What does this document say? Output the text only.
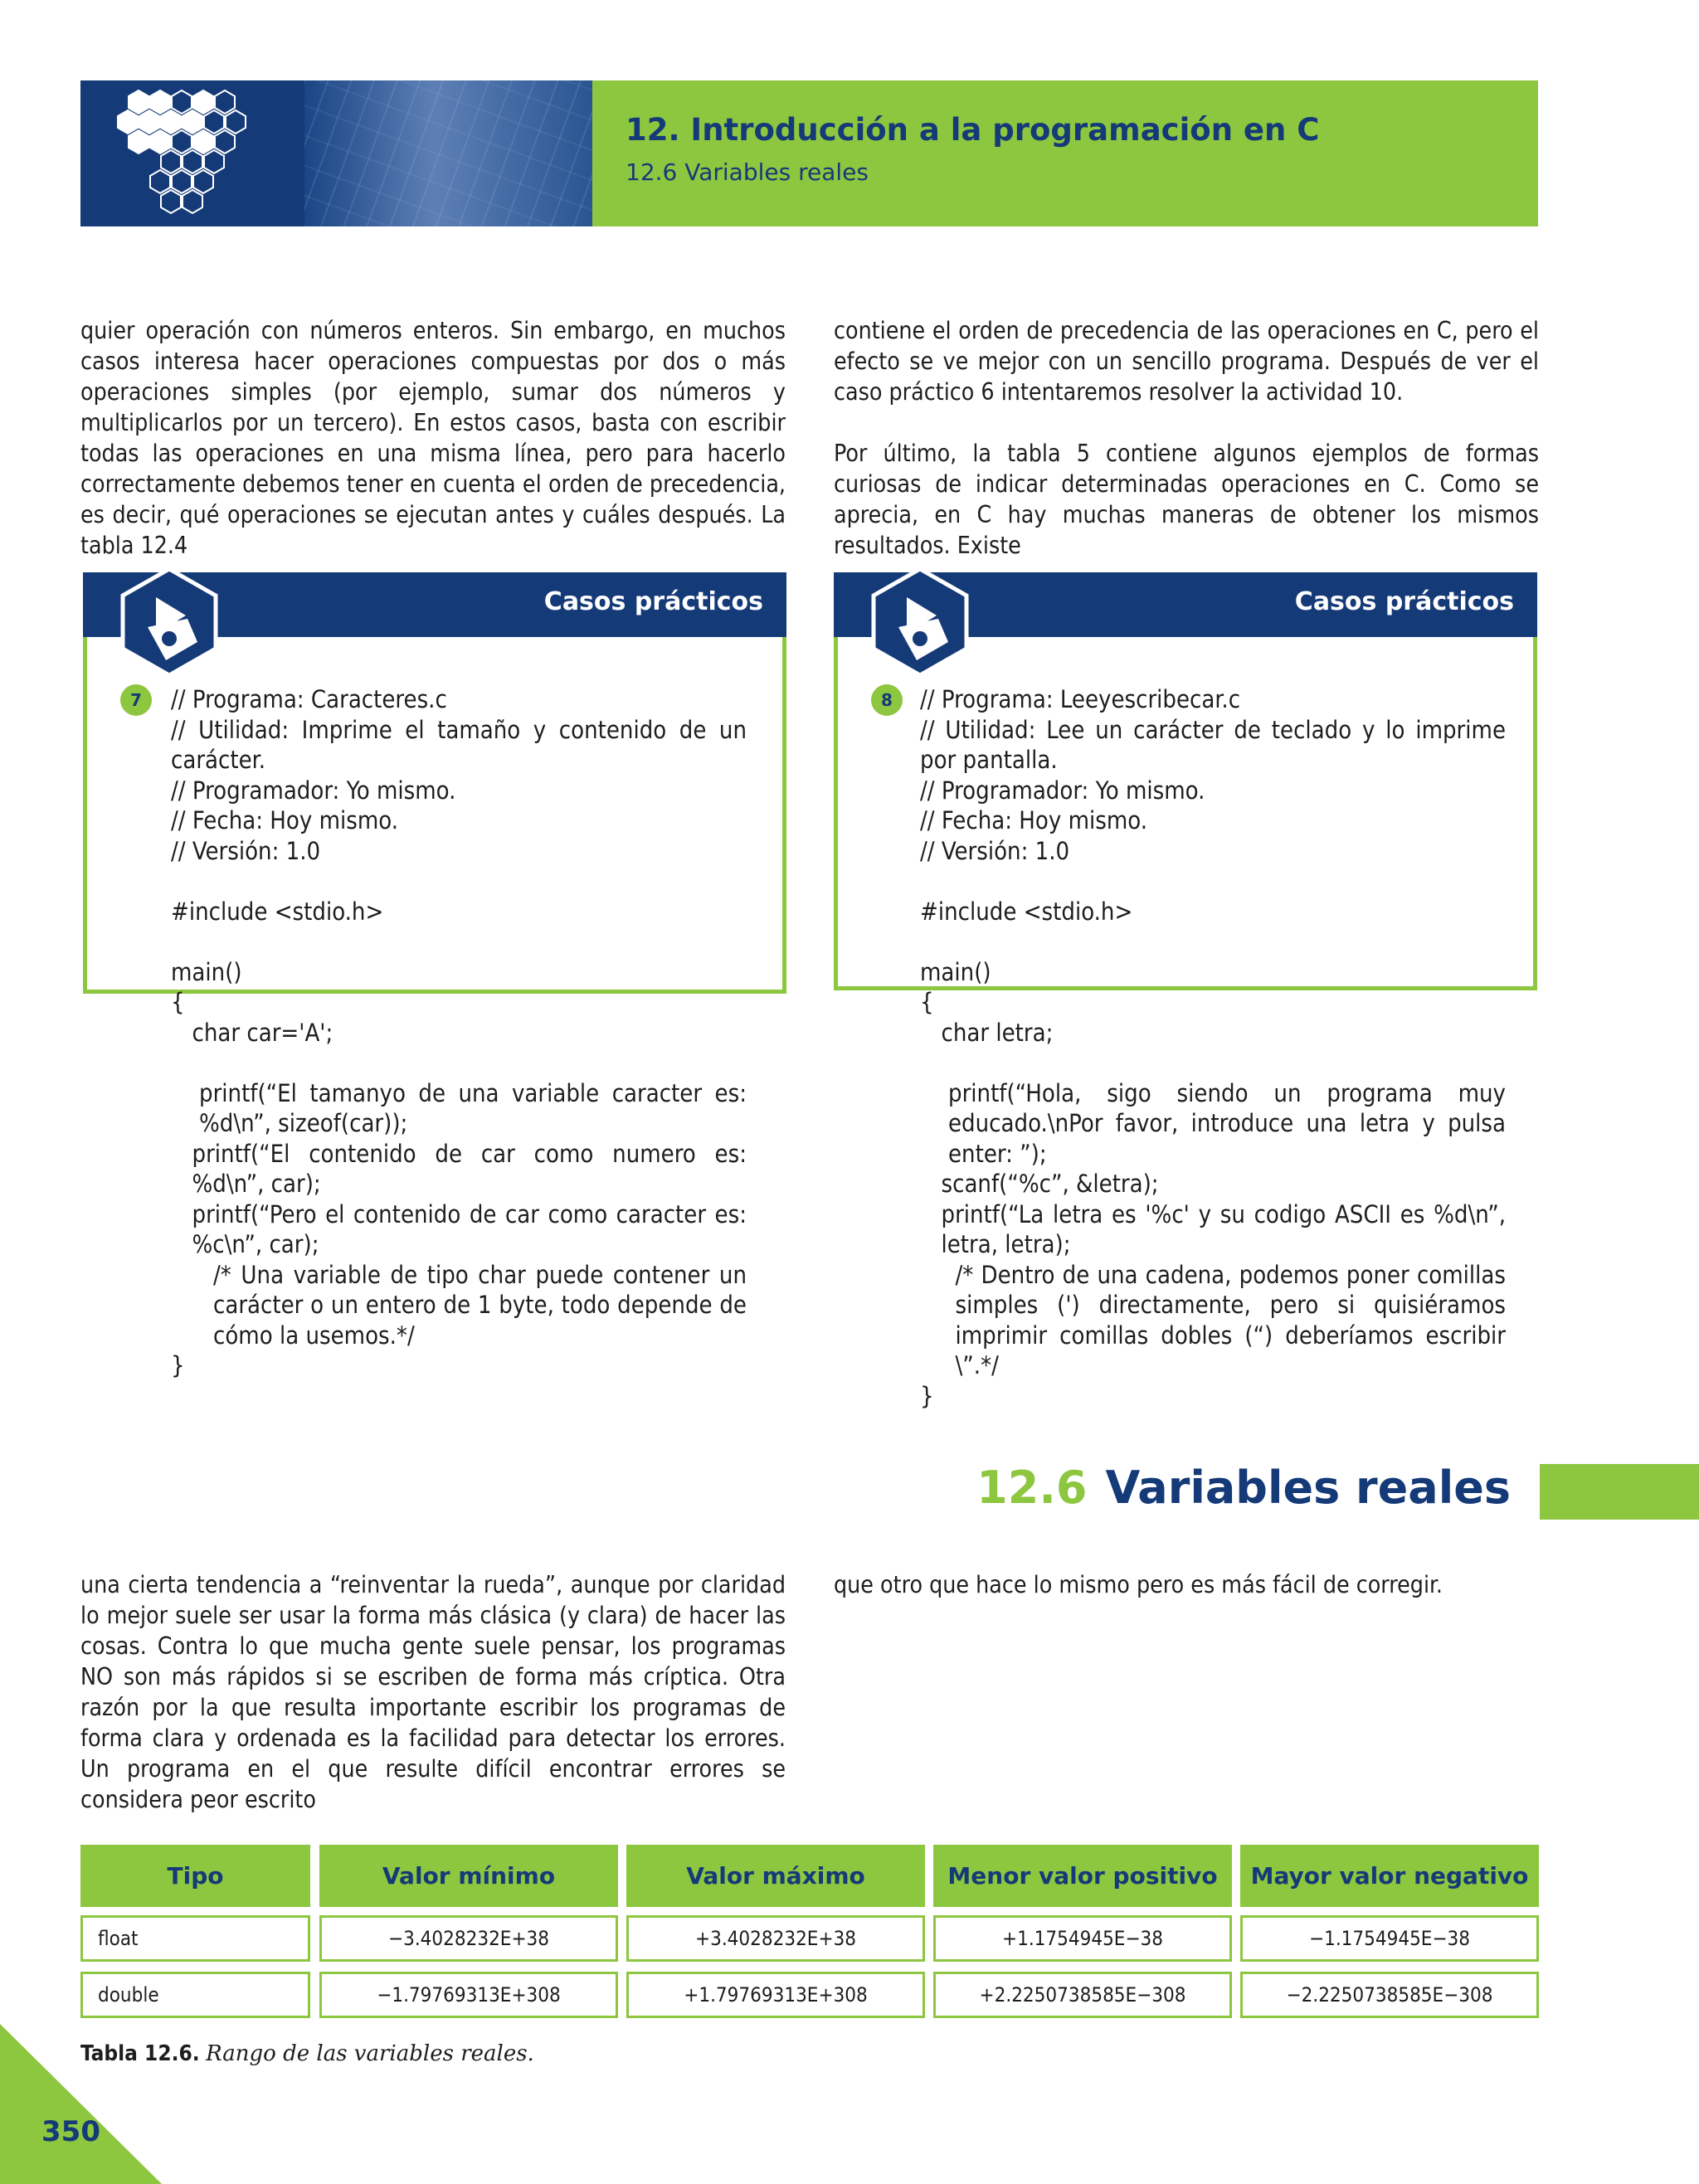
12. Introducción a la programación en C
12.6 Variables reales

quier operación con números enteros. Sin embargo, en muchos casos interesa hacer operaciones compuestas por dos o más operaciones simples (por ejemplo, sumar dos números y multiplicarlos por un tercero). En estos casos, basta con escribir todas las operaciones en una misma línea, pero para hacerlo correctamente debemos tener en cuenta el orden de precedencia, es decir, qué operaciones se ejecutan antes y cuáles después. La tabla 12.4

contiene el orden de precedencia de las operaciones en C, pero el efecto se ve mejor con un sencillo programa. Después de ver el caso práctico 6 intentaremos resolver la actividad 10.

Por último, la tabla 5 contiene algunos ejemplos de formas curiosas de indicar determinadas operaciones en C. Como se aprecia, en C hay muchas maneras de obtener los mismos resultados. Existe

Casos prácticos
7	// Programa: Caracteres.c
// Utilidad: Imprime el tamaño y contenido de un carácter.
// Programador: Yo mismo.
// Fecha: Hoy mismo.
// Versión: 1.0
#include <stdio.h>
main()
{
char car='A';
printf(“El tamanyo de una variable caracter es: %d\n”, sizeof(car));
printf(“El contenido de car como numero es: %d\n”, car);
printf(“Pero el contenido de car como caracter es: %c\n”, car);
/* Una variable de tipo char puede contener un carácter o un entero de 1 byte, todo depende de cómo la usemos.*/
}
Casos prácticos
8	// Programa: Leeyescribecar.c
// Utilidad: Lee un carácter de teclado y lo imprime por pantalla.
// Programador: Yo mismo.
// Fecha: Hoy mismo.
// Versión: 1.0
#include <stdio.h>
main()
{
char letra;
printf(“Hola, sigo siendo un programa muy educado.\nPor favor, introduce una letra y pulsa enter: ”);
scanf(“%c”, &letra);
printf(“La letra es '%c' y su codigo ASCII es %d\n”, letra, letra);
/* Dentro de una cadena, podemos poner comillas simples (') directamente, pero si quisiéramos imprimir comillas dobles (“) deberíamos escribir \”.*/
}
12.6 Variables reales

una cierta tendencia a “reinventar la rueda”, aunque por claridad lo mejor suele ser usar la forma más clásica (y clara) de hacer las cosas. Contra lo que mucha gente suele pensar, los programas NO son más rápidos si se escriben de forma más críptica. Otra razón por la que resulta importante escribir los programas de forma clara y ordenada es la facilidad para detectar los errores. Un programa en el que resulte difícil encontrar errores se considera peor escrito

que otro que hace lo mismo pero es más fácil de corregir.

Tipo	Valor mínimo	Valor máximo	Menor valor positivo	Mayor valor negativo
float	−3.4028232E+38	+3.4028232E+38	+1.1754945E−38	−1.1754945E−38
double	−1.79769313E+308	+1.79769313E+308	+2.2250738585E−308	−2.2250738585E−308
Tabla 12.6. Rango de las variables reales.
350
